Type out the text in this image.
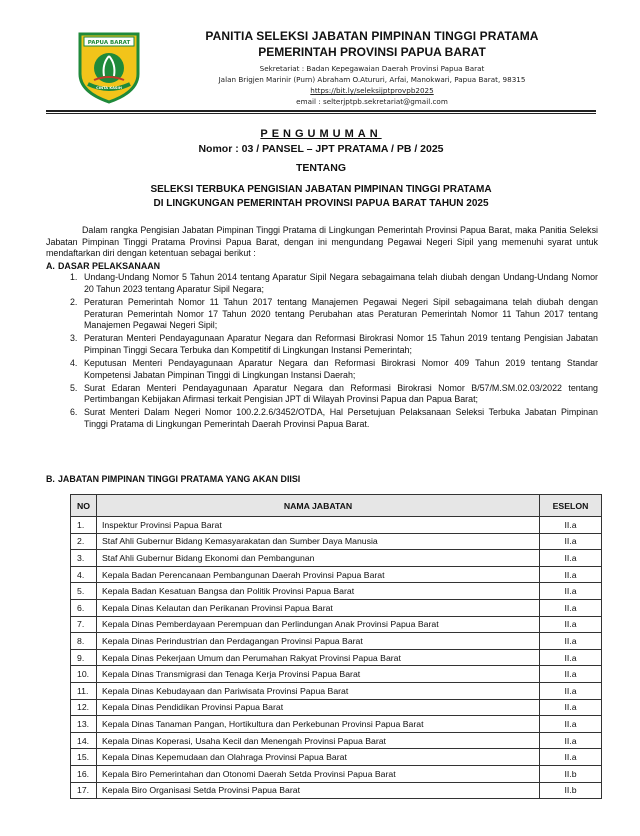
PAPUA BARAT
CINTA KASIH
PANITIA SELEKSI JABATAN PIMPINAN TINGGI PRATAMA
PEMERINTAH PROVINSI PAPUA BARAT
Sekretariat : Badan Kepegawaian Daerah Provinsi Papua Barat
Jalan Brigjen Marinir (Purn) Abraham O.Atururi, Arfai, Manokwari, Papua Barat, 98315
https://bit.ly/seleksijptprovpb2025
email : selterjptpb.sekretariat@gmail.com
PENGUMUMAN
Nomor : 03 / PANSEL – JPT PRATAMA / PB / 2025
TENTANG
SELEKSI TERBUKA PENGISIAN JABATAN PIMPINAN TINGGI PRATAMA
DI LINGKUNGAN PEMERINTAH PROVINSI PAPUA BARAT TAHUN 2025

Dalam rangka Pengisian Jabatan Pimpinan Tinggi Pratama di Lingkungan Pemerintah Provinsi Papua Barat, maka Panitia Seleksi Jabatan Pimpinan Tinggi Pratama Provinsi Papua Barat, dengan ini mengundang Pegawai Negeri Sipil yang memenuhi syarat untuk mendaftarkan diri dengan ketentuan sebagai berikut :

A. DASAR PELAKSANAAN
1. Undang-Undang Nomor 5 Tahun 2014 tentang Aparatur Sipil Negara sebagaimana telah diubah dengan Undang-Undang Nomor 20 Tahun 2023 tentang Aparatur Sipil Negara;
2. Peraturan Pemerintah Nomor 11 Tahun 2017 tentang Manajemen Pegawai Negeri Sipil sebagaimana telah diubah dengan Peraturan Pemerintah Nomor 17 Tahun 2020 tentang Perubahan atas Peraturan Pemerintah Nomor 11 Tahun 2017 tentang Manajemen Pegawai Negeri Sipil;
3. Peraturan Menteri Pendayagunaan Aparatur Negara dan Reformasi Birokrasi Nomor 15 Tahun 2019 tentang Pengisian Jabatan Pimpinan Tinggi Secara Terbuka dan Kompetitif di Lingkungan Instansi Pemerintah;
4. Keputusan Menteri Pendayagunaan Aparatur Negara dan Reformasi Birokrasi Nomor 409 Tahun 2019 tentang Standar Kompetensi Jabatan Pimpinan Tinggi di Lingkungan Instansi Daerah;
5. Surat Edaran Menteri Pendayagunaan Aparatur Negara dan Reformasi Birokrasi Nomor B/57/M.SM.02.03/2022 tentang Pertimbangan Kebijakan Afirmasi terkait Pengisian JPT di Wilayah Provinsi Papua dan Papua Barat;
6. Surat Menteri Dalam Negeri Nomor 100.2.2.6/3452/OTDA, Hal Persetujuan Pelaksanaan Seleksi Terbuka Jabatan Pimpinan Tinggi Pratama di Lingkungan Pemerintah Daerah Provinsi Papua Barat.
B. JABATAN PIMPINAN TINGGI PRATAMA YANG AKAN DIISI
NO	NAMA JABATAN	ESELON
1.	Inspektur Provinsi Papua Barat	II.a
2.	Staf Ahli Gubernur Bidang Kemasyarakatan dan Sumber Daya Manusia	II.a
3.	Staf Ahli Gubernur Bidang Ekonomi dan Pembangunan	II.a
4.	Kepala Badan Perencanaan Pembangunan Daerah Provinsi Papua Barat	II.a
5.	Kepala Badan Kesatuan Bangsa dan Politik Provinsi Papua Barat	II.a
6.	Kepala Dinas Kelautan dan Perikanan Provinsi Papua Barat	II.a
7.	Kepala Dinas Pemberdayaan Perempuan dan Perlindungan Anak Provinsi Papua Barat	II.a
8.	Kepala Dinas Perindustrian dan Perdagangan Provinsi Papua Barat	II.a
9.	Kepala Dinas Pekerjaan Umum dan Perumahan Rakyat Provinsi Papua Barat	II.a
10.	Kepala Dinas Transmigrasi dan Tenaga Kerja Provinsi Papua Barat	II.a
11.	Kepala Dinas Kebudayaan dan Pariwisata Provinsi Papua Barat	II.a
12.	Kepala Dinas Pendidikan Provinsi Papua Barat	II.a
13.	Kepala Dinas Tanaman Pangan, Hortikultura dan Perkebunan Provinsi Papua Barat	II.a
14.	Kepala Dinas Koperasi, Usaha Kecil dan Menengah Provinsi Papua Barat	II.a
15.	Kepala Dinas Kepemudaan dan Olahraga Provinsi Papua Barat	II.a
16.	Kepala Biro Pemerintahan dan Otonomi Daerah Setda Provinsi Papua Barat	II.b
17.	Kepala Biro Organisasi Setda Provinsi Papua Barat	II.b
